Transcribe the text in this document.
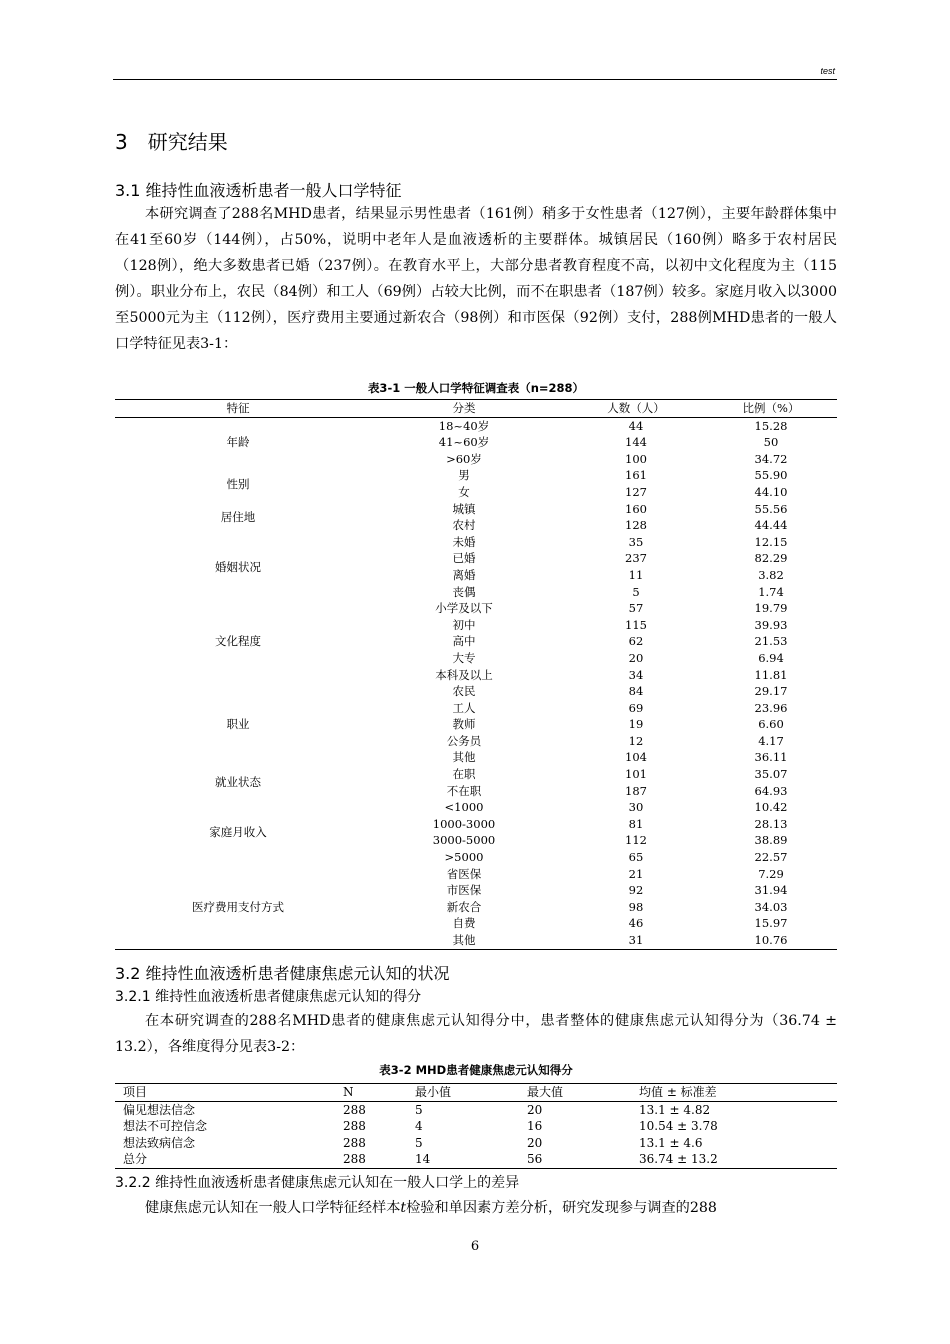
test
3　研究结果
3.1 维持性血液透析患者一般人口学特征
本研究调查了288名MHD患者，结果显示男性患者（161例）稍多于女性患者（127例），主要年龄群体集中在41至60岁（144例），占50%，说明中老年人是血液透析的主要群体。城镇居民（160例）略多于农村居民（128例），绝大多数患者已婚（237例）。在教育水平上，大部分患者教育程度不高，以初中文化程度为主（115例）。职业分布上，农民（84例）和工人（69例）占较大比例，而不在职患者（187例）较多。家庭月收入以3000至5000元为主（112例），医疗费用主要通过新农合（98例）和市医保（92例）支付，288例MHD患者的一般人口学特征见表3-1：
表3-1 一般人口学特征调查表（n=288）
特征	分类	人数（人）	比例（%）
年龄	18~40岁	44	15.28
	41~60岁	144	50
	>60岁	100	34.72
性别	男	161	55.90
	女	127	44.10
居住地	城镇	160	55.56
	农村	128	44.44
婚姻状况	未婚	35	12.15
	已婚	237	82.29
	离婚	11	3.82
	丧偶	5	1.74
文化程度	小学及以下	57	19.79
	初中	115	39.93
	高中	62	21.53
	大专	20	6.94
	本科及以上	34	11.81
职业	农民	84	29.17
	工人	69	23.96
	教师	19	6.60
	公务员	12	4.17
	其他	104	36.11
就业状态	在职	101	35.07
	不在职	187	64.93
家庭月收入	<1000	30	10.42
	1000-3000	81	28.13
	3000-5000	112	38.89
	>5000	65	22.57
医疗费用支付方式	省医保	21	7.29
	市医保	92	31.94
	新农合	98	34.03
	自费	46	15.97
	其他	31	10.76
3.2 维持性血液透析患者健康焦虑元认知的状况
3.2.1 维持性血液透析患者健康焦虑元认知的得分
在本研究调查的288名MHD患者的健康焦虑元认知得分中，患者整体的健康焦虑元认知得分为（36.74 ± 13.2），各维度得分见表3-2：
表3-2 MHD患者健康焦虑元认知得分
项目	N	最小值	最大值	均值 ± 标准差
偏见想法信念	288	5	20	13.1 ± 4.82
想法不可控信念	288	4	16	10.54 ± 3.78
想法致病信念	288	5	20	13.1 ± 4.6
总分	288	14	56	36.74 ± 13.2
3.2.2 维持性血液透析患者健康焦虑元认知在一般人口学上的差异
健康焦虑元认知在一般人口学特征经样本t检验和单因素方差分析，研究发现参与调查的288
6
